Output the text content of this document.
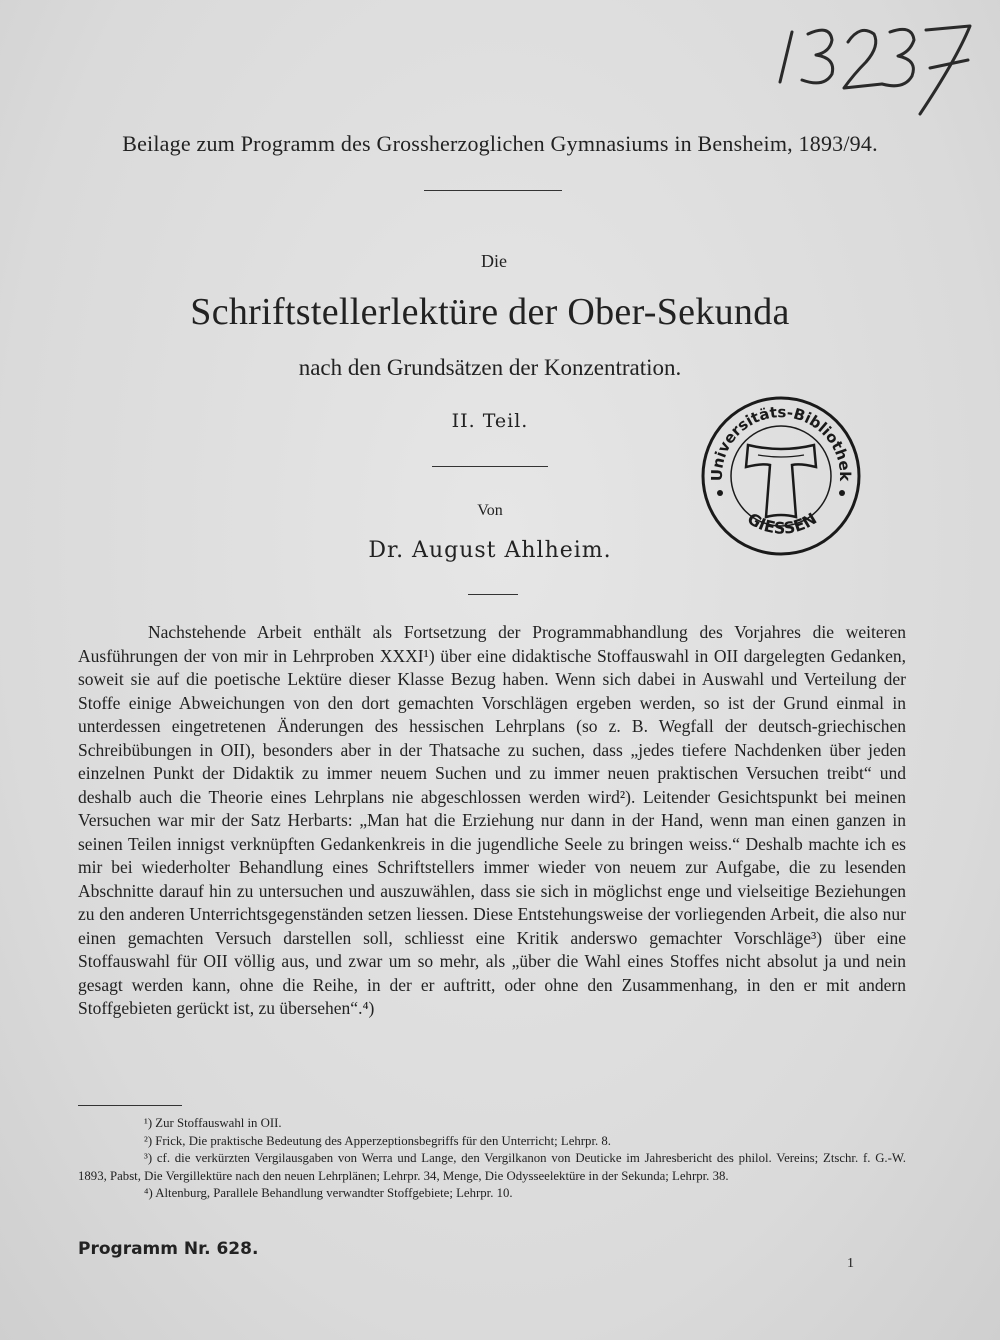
Beilage zum Programm des Grossherzoglichen Gymnasiums in Bensheim, 1893/94.
Die
Schriftstellerlektüre der Ober-Sekunda
nach den Grundsätzen der Konzentration.
II. Teil.
Von
Dr. August Ahlheim.
Universitäts-Bibliothek
GIESSEN

Nachstehende Arbeit enthält als Fortsetzung der Programmabhandlung des Vorjahres die weiteren Ausführungen der von mir in Lehrproben XXXI¹) über eine didaktische Stoffauswahl in OII dargelegten Gedanken, soweit sie auf die poetische Lektüre dieser Klasse Bezug haben. Wenn sich dabei in Auswahl und Verteilung der Stoffe einige Abweichungen von den dort gemachten Vorschlägen ergeben werden, so ist der Grund einmal in unterdessen eingetretenen Änderungen des hessischen Lehrplans (so z. B. Wegfall der deutsch-griechischen Schreibübungen in OII), besonders aber in der Thatsache zu suchen, dass „jedes tiefere Nachdenken über jeden einzelnen Punkt der Didaktik zu immer neuem Suchen und zu immer neuen praktischen Versuchen treibt“ und deshalb auch die Theorie eines Lehrplans nie abgeschlossen werden wird²). Leitender Gesichtspunkt bei meinen Versuchen war mir der Satz Herbarts: „Man hat die Erziehung nur dann in der Hand, wenn man einen ganzen in seinen Teilen innigst verknüpften Gedankenkreis in die jugendliche Seele zu bringen weiss.“ Deshalb machte ich es mir bei wiederholter Behandlung eines Schriftstellers immer wieder von neuem zur Aufgabe, die zu lesenden Abschnitte darauf hin zu untersuchen und auszuwählen, dass sie sich in möglichst enge und vielseitige Beziehungen zu den anderen Unterrichtsgegenständen setzen liessen. Diese Entstehungsweise der vorliegenden Arbeit, die also nur einen gemachten Versuch darstellen soll, schliesst eine Kritik anderswo gemachter Vorschläge³) über eine Stoffauswahl für OII völlig aus, und zwar um so mehr, als „über die Wahl eines Stoffes nicht absolut ja und nein gesagt werden kann, ohne die Reihe, in der er auftritt, oder ohne den Zusammenhang, in den er mit andern Stoffgebieten gerückt ist, zu übersehen“.⁴)

¹) Zur Stoffauswahl in OII.

²) Frick, Die praktische Bedeutung des Apperzeptionsbegriffs für den Unterricht; Lehrpr. 8.

³) cf. die verkürzten Vergilausgaben von Werra und Lange, den Vergilkanon von Deuticke im Jahresbericht des philol. Vereins; Ztschr. f. G.-W. 1893, Pabst, Die Vergillektüre nach den neuen Lehrplänen; Lehrpr. 34, Menge, Die Odysseelektüre in der Sekunda; Lehrpr. 38.

⁴) Altenburg, Parallele Behandlung verwandter Stoffgebiete; Lehrpr. 10.

Programm Nr. 628.
1
